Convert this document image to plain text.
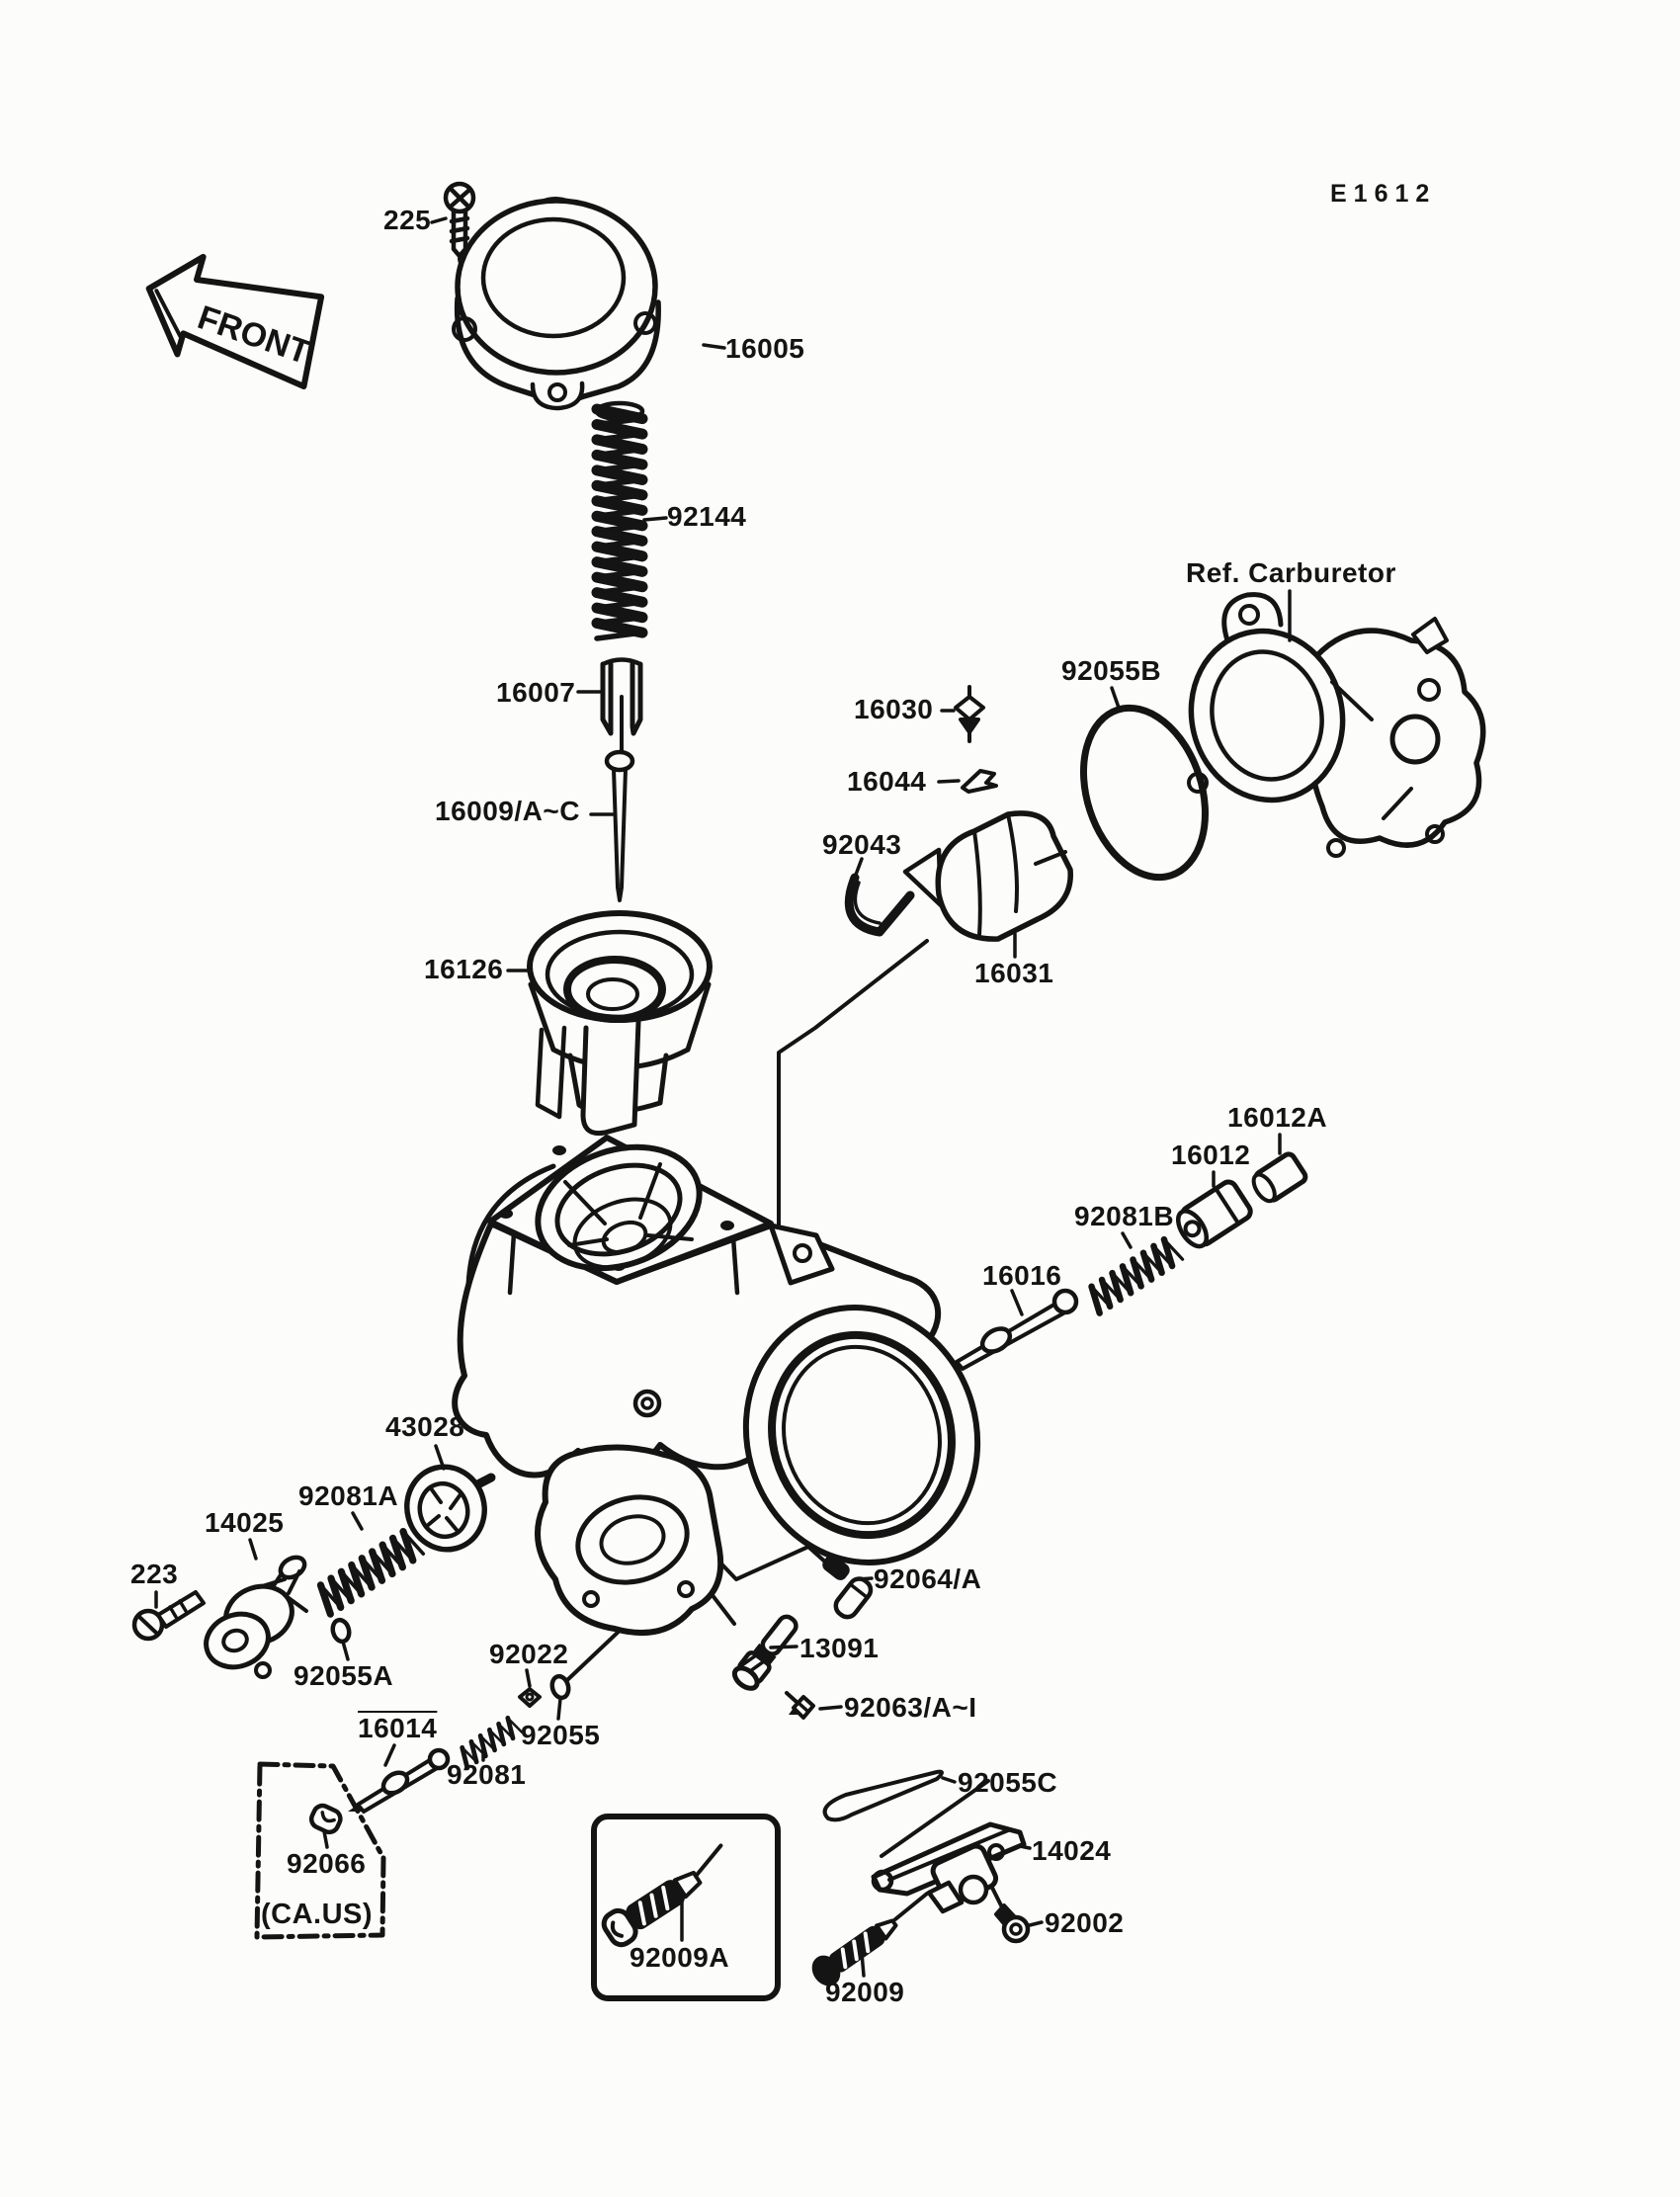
FRONT
E1612
225
16005
92144
16007
16009/A~C
16126
16030
16044
92043
16031
92055B
Ref. Carburetor
16012A
16012
92081B
16016
43028
92081A
14025
223
92055A
92022
92064/A
13091
92063/A~I
16014	92055
92081	92055C
14024
92066
(CA.US)
92009A
92002
92009
